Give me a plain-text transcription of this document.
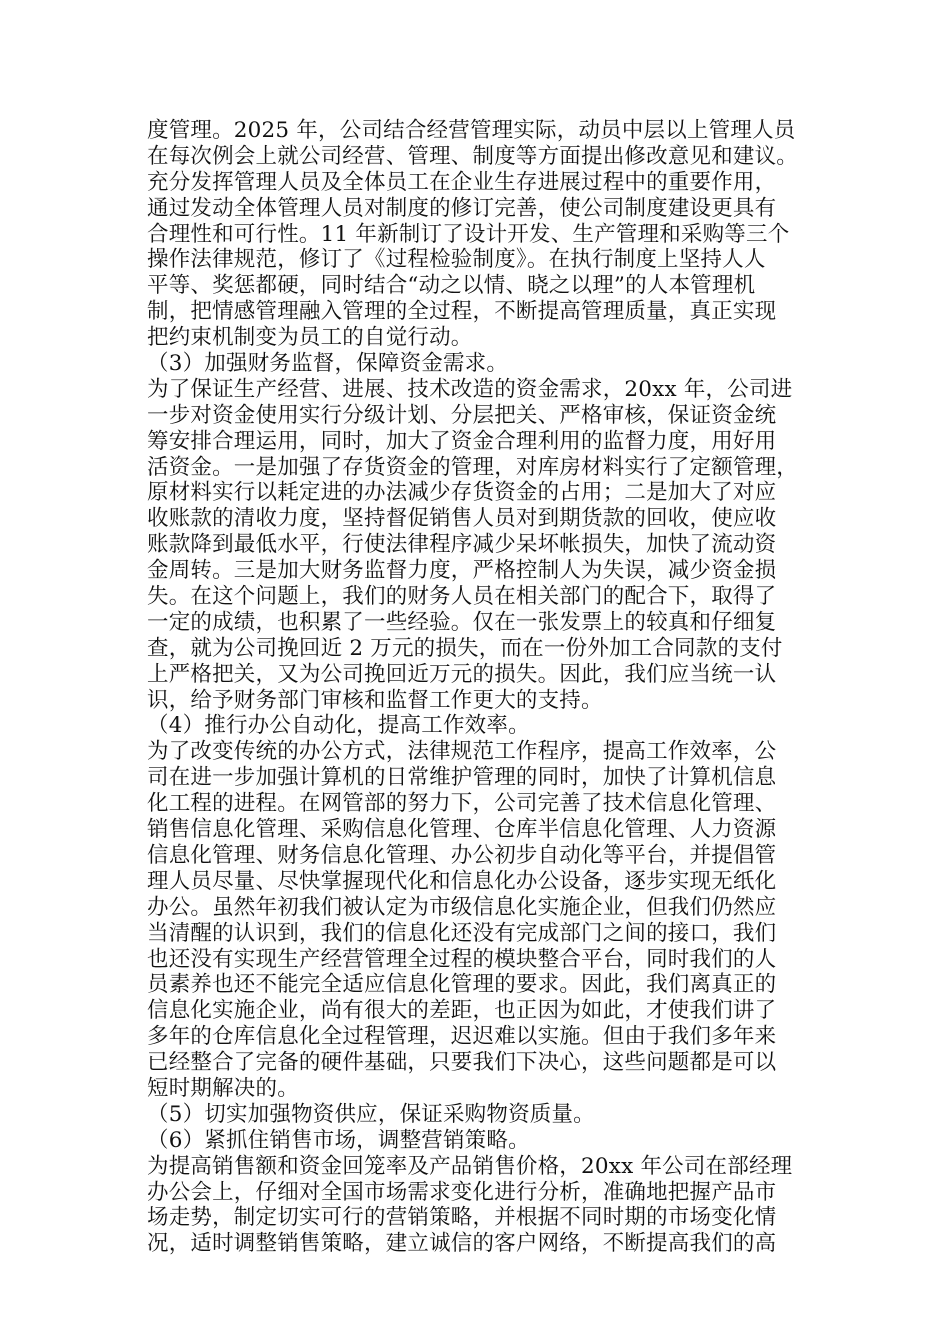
度管理。2025 年，公司结合经营管理实际，动员中层以上管理人员
在每次例会上就公司经营、管理、制度等方面提出修改意见和建议。
充分发挥管理人员及全体员工在企业生存进展过程中的重要作用，
通过发动全体管理人员对制度的修订完善，使公司制度建设更具有
合理性和可行性。11 年新制订了设计开发、生产管理和采购等三个
操作法律规范，修订了《过程检验制度》。在执行制度上坚持人人
平等、奖惩都硬，同时结合“动之以情、晓之以理”的人本管理机
制，把情感管理融入管理的全过程，不断提高管理质量，真正实现
把约束机制变为员工的自觉行动。
（3）加强财务监督，保障资金需求。
为了保证生产经营、进展、技术改造的资金需求，20xx 年，公司进
一步对资金使用实行分级计划、分层把关、严格审核，保证资金统
筹安排合理运用，同时，加大了资金合理利用的监督力度，用好用
活资金。一是加强了存货资金的管理，对库房材料实行了定额管理，
原材料实行以耗定进的办法减少存货资金的占用；二是加大了对应
收账款的清收力度，坚持督促销售人员对到期货款的回收，使应收
账款降到最低水平，行使法律程序减少呆坏帐损失，加快了流动资
金周转。三是加大财务监督力度，严格控制人为失误，减少资金损
失。在这个问题上，我们的财务人员在相关部门的配合下，取得了
一定的成绩，也积累了一些经验。仅在一张发票上的较真和仔细复
查，就为公司挽回近 2 万元的损失，而在一份外加工合同款的支付
上严格把关，又为公司挽回近万元的损失。因此，我们应当统一认
识，给予财务部门审核和监督工作更大的支持。
（4）推行办公自动化，提高工作效率。
为了改变传统的办公方式，法律规范工作程序，提高工作效率，公
司在进一步加强计算机的日常维护管理的同时，加快了计算机信息
化工程的进程。在网管部的努力下，公司完善了技术信息化管理、
销售信息化管理、采购信息化管理、仓库半信息化管理、人力资源
信息化管理、财务信息化管理、办公初步自动化等平台，并提倡管
理人员尽量、尽快掌握现代化和信息化办公设备，逐步实现无纸化
办公。虽然年初我们被认定为市级信息化实施企业，但我们仍然应
当清醒的认识到，我们的信息化还没有完成部门之间的接口，我们
也还没有实现生产经营管理全过程的模块整合平台，同时我们的人
员素养也还不能完全适应信息化管理的要求。因此，我们离真正的
信息化实施企业，尚有很大的差距，也正因为如此，才使我们讲了
多年的仓库信息化全过程管理，迟迟难以实施。但由于我们多年来
已经整合了完备的硬件基础，只要我们下决心，这些问题都是可以
短时期解决的。
（5）切实加强物资供应，保证采购物资质量。
（6）紧抓住销售市场，调整营销策略。
为提高销售额和资金回笼率及产品销售价格，20xx 年公司在部经理
办公会上，仔细对全国市场需求变化进行分析，准确地把握产品市
场走势，制定切实可行的营销策略，并根据不同时期的市场变化情
况，适时调整销售策略，建立诚信的客户网络，不断提高我们的高
